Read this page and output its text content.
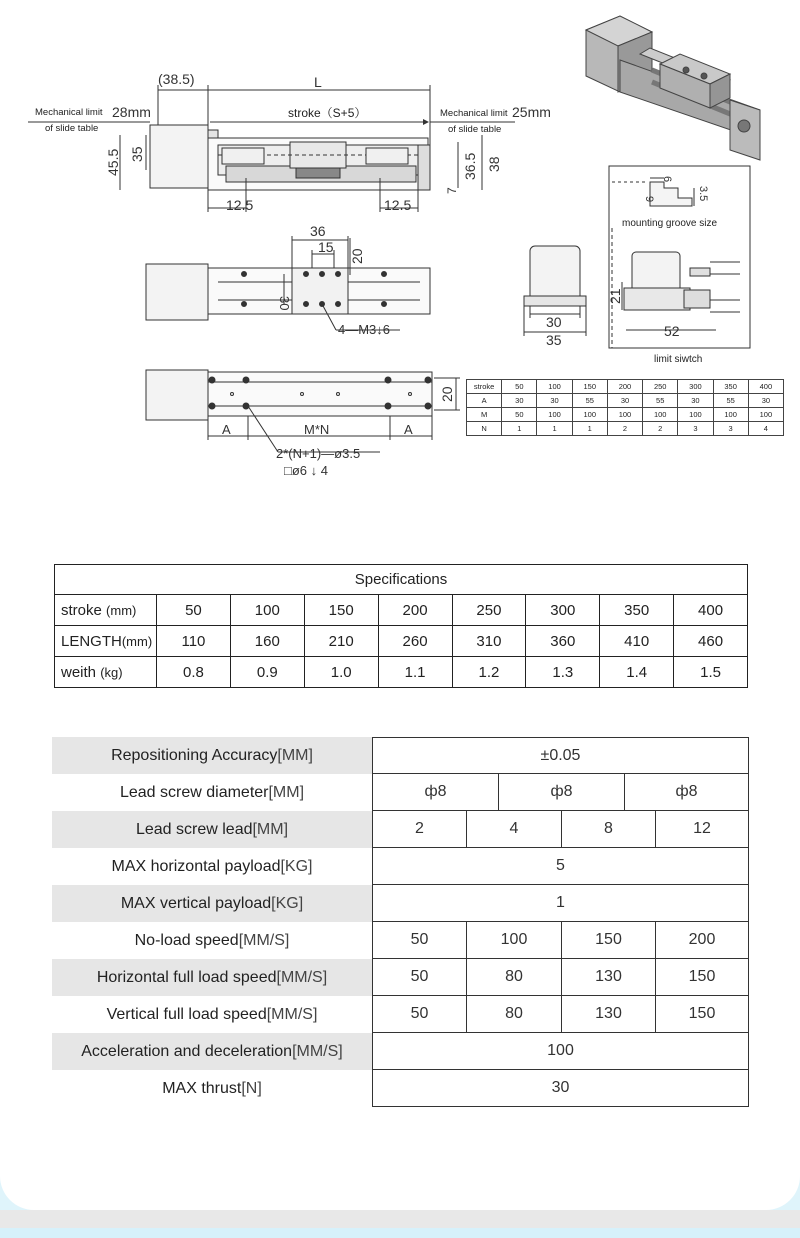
(38.5)	L
Mechanical limit 28mm
of slide table
stroke（S+5）	Mechanical limit 25mm
of slide table
45.5 35	36.5 38
7
12.5	12.5
36
15
20
30
4—M3↓6
20
A	M*N	A
2*(N+1)—ø3.5
□ø6 ↓ 4
9
6
3.5
mounting groove size
21
52
limit siwtch
30
35
stroke	50	100	150	200	250	300	350	400
A	30	30	55	30	55	30	55	30
M	50	100	100	100	100	100	100	100
N	1	1	1	2	2	3	3	4
Specifications								
stroke (mm)	50	100	150	200	250	300	350	400
LENGTH(mm)	110	160	210	260	310	360	410	460
weith (kg)	0.8	0.9	1.0	1.1	1.2	1.3	1.4	1.5
Repositioning Accuracy [MM]	±0.05
Lead screw diameter [MM]	ф8	ф8	ф8
Lead screw lead [MM]	2	4	8	12
MAX horizontal payload [KG]	5
MAX vertical payload [KG]	1
No-load speed [MM/S]	50	100	150	200
Horizontal full load speed [MM/S]	50	80	130	150
Vertical full load speed [MM/S]	50	80	130	150
Acceleration and deceleration [MM/S]	100
MAX thrust [N]	30
